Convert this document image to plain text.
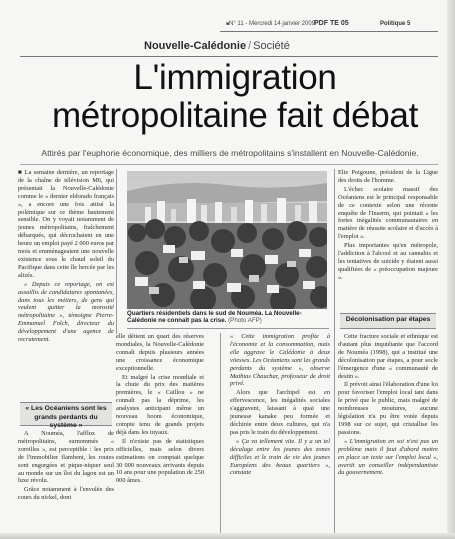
■ N° 11 - Mercredi 14 janvier 2009
PDF TE 05	Politique 5
Nouvelle-Calédonie / Société
L'immigration
métropolitaine fait débat
Attirés par l'euphorie économique, des milliers de métropolitains s'installent en Nouvelle-Calédonie.

■ La semaine dernière, un reportage de la chaîne de télévision M6, qui présentait la Nouvelle-Calédonie comme le « dernier eldorado français », a encore une fois attisé la polémique sur ce thème hautement sensible. On y voyait notamment de jeunes métropolitains, fraîchement débarqués, qui décrochaient en une heure un emploi payé 2 000 euros par mois et emménageaient une nouvelle existence sous le chaud soleil du Pacifique dans cette île bercée par les alizés.

« Depuis ce reportage, on est assaillis de candidatures spontanées, dans tous les métiers, de gens qui veulent quitter la morosité métropolitaine », témoigne Pierre-Emmanuel Folch, directeur du développement d'une agence de recrutement.

« Les Océaniens sont les grands perdants du système »

A Nouméa, l'afflux de métropolitains, surnommés « zoreilles », est perceptible : les prix de l'immobilier flambent, les routes sont engorgées et pique-niquer seul au monde sur un îlot du lagon est un luxe révolu.

Grâce notamment à l'envolée des cours du nickel, dont

Quartiers résidentiels dans le sud de Nouméa. La Nouvelle-Calédonie ne connaît pas la crise. (Photo AFP)

elle détient un quart des réserves mondiales, la Nouvelle-Calédonie connaît depuis plusieurs années une croissance économique exceptionnelle.

Et malgré la crise mondiale et la chute du prix des matières premières, le « Caillou » ne connaît pas la déprime, les analystes anticipant même un nouveau boom économique, compte tenu de grands projets déjà dans les tuyaux.

Il n'existe pas de statistiques officielles, mais selon divers estimations on comptait quelque 30 000 nouveaux arrivants depuis 10 ans pour une population de 250 000 âmes.

« Cette immigration profite à l'économie et la consommation, mais elle aggrave le Calédonie à deux vitesses. Les Océaniens sont les grands perdants du système », observe Mathias Chauchar, professeur de droit privé.

Alors que l'archipel est en effervescence, les inégalités sociales s'aggravent, laissant à quai une jeunesse kanake peu formée et déchirée entre deux cultures, qui n'a pas pris le train du développement.

« Ça va tellement vite. Il y a un tel décalage entre les jeunes des zones difficiles et le train de vie des jeunes Européens des beaux quartiers », constate

Elie Poigoune, président de la Ligue des droits de l'homme.

L'échec scolaire massif des Océaniens est le principal responsable de ce contexte selon une récente enquête de l'Inserm, qui pointait « les fortes inégalités communautaires en matière de réussite scolaire et d'accès à l'emploi ».

Plus importantes qu'en métropole, l'addiction à l'alcool et au cannabis et les tentatives de suicide y étaient aussi qualifiées de « préoccupation majeure ».

Décolonisation par étapes

Cette fracture sociale et ethnique est d'autant plus inquiétante que l'accord de Nouméa (1998), qui a institué une décolonisation par étapes, a pour socle l'émergence d'une « communauté de destin ».

Il prévoit ainsi l'élaboration d'une loi pour favoriser l'emploi local tant dans le privé que le public, mais malgré de nombreuses moutures, aucune législation n'a pu être votée depuis 1998 sur ce sujet, qui cristallise les passions.

« L'immigration en soi n'est pas un problème mais il faut d'abord mettre en place un texte sur l'emploi local », avertit un conseiller indépendantiste du gouvernement.
